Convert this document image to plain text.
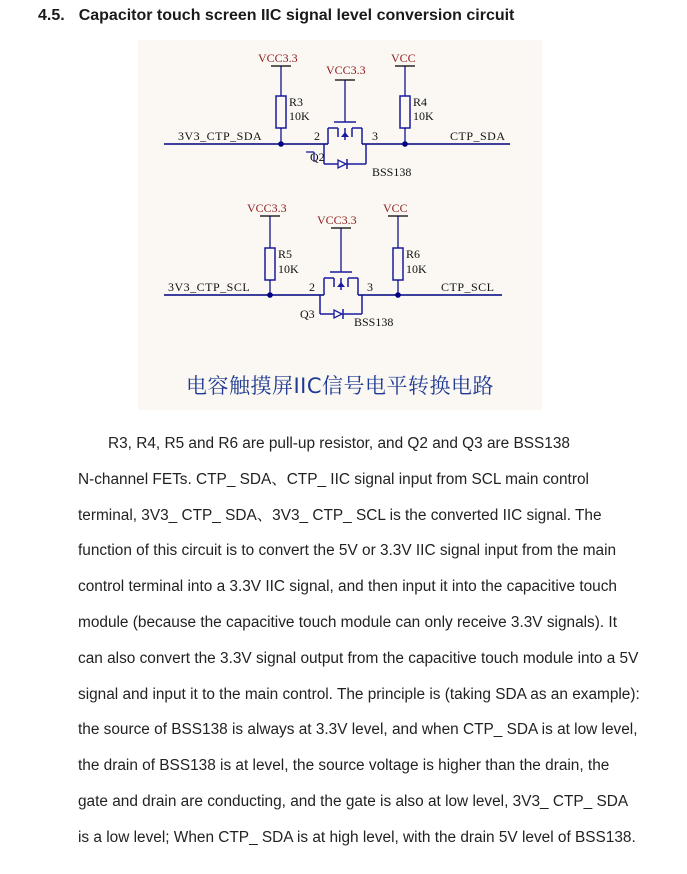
4.5. Capacitor touch screen IIC signal level conversion circuit
VCC3.3
VCC3.3
VCC
R3
10K
R4
10K
3V3_CTP_SDA	CTP_SDA
2	3
Q2
BSS138
VCC3.3
VCC3.3
VCC
R5
10K
R6
10K
3V3_CTP_SCL	CTP_SCL
2	3
Q3
BSS138
电容触摸屏IIC信号电平转换电路
R3, R4, R5 and R6 are pull-up resistor, and Q2 and Q3 are BSS138
N-channel FETs. CTP_ SDA、CTP_ IIC signal input from SCL main control
terminal, 3V3_ CTP_ SDA、3V3_ CTP_ SCL is the converted IIC signal. The
function of this circuit is to convert the 5V or 3.3V IIC signal input from the main
control terminal into a 3.3V IIC signal, and then input it into the capacitive touch
module (because the capacitive touch module can only receive 3.3V signals). It
can also convert the 3.3V signal output from the capacitive touch module into a 5V
signal and input it to the main control. The principle is (taking SDA as an example):
the source of BSS138 is always at 3.3V level, and when CTP_ SDA is at low level,
the drain of BSS138 is at level, the source voltage is higher than the drain, the
gate and drain are conducting, and the gate is also at low level, 3V3_ CTP_ SDA
is a low level; When CTP_ SDA is at high level, with the drain 5V level of BSS138.
